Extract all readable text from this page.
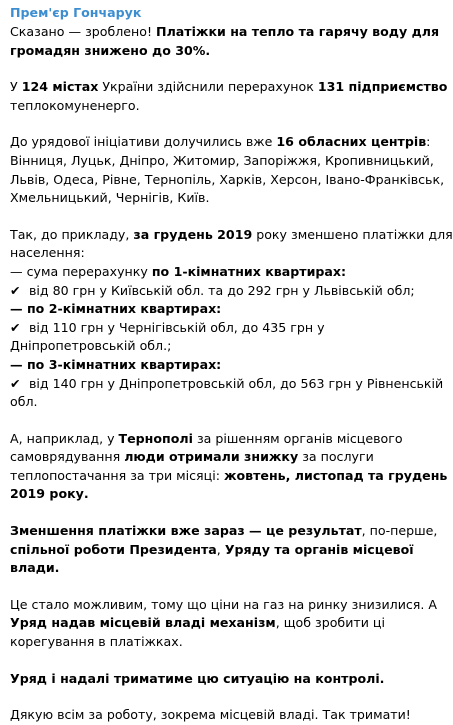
Прем'єр Гончарук
Сказано — зроблено! Платіжки на тепло та гарячу воду для
громадян знижено до 30%.
У 124 містах України здійснили перерахунок 131 підприємство
теплокомуненерго.
До урядової ініціативи долучились вже 16 обласних центрів:
Вінниця, Луцьк, Дніпро, Житомир, Запоріжжя, Кропивницький,
Львів, Одеса, Рівне, Тернопіль, Харків, Херсон, Івано-Франківськ,
Хмельницький, Чернігів, Київ.
Так, до прикладу, за грудень 2019 року зменшено платіжки для
населення:
— сума перерахунку по 1-кімнатних квартирах:
✔ від 80 грн у Київській обл. та до 292 грн у Львівській обл;
— по 2-кімнатних квартирах:
✔ від 110 грн у Чернігівській обл, до 435 грн у
Дніпропетровській обл.;
— по 3-кімнатних квартирах:
✔ від 140 грн у Дніпропетровській обл, до 563 грн у Рівненській
обл.
А, наприклад, у Тернополі за рішенням органів місцевого
самоврядування люди отримали знижку за послуги
теплопостачання за три місяці: жовтень, листопад та грудень
2019 року.
Зменшення платіжки вже зараз — це результат, по-перше,
спільної роботи Президента, Уряду та органів місцевої
влади.
Це стало можливим, тому що ціни на газ на ринку знизилися. А
Уряд надав місцевій владі механізм, щоб зробити ці
корегування в платіжках.
Уряд і надалі триматиме цю ситуацію на контролі.
Дякую всім за роботу, зокрема місцевій владі. Так тримати!
